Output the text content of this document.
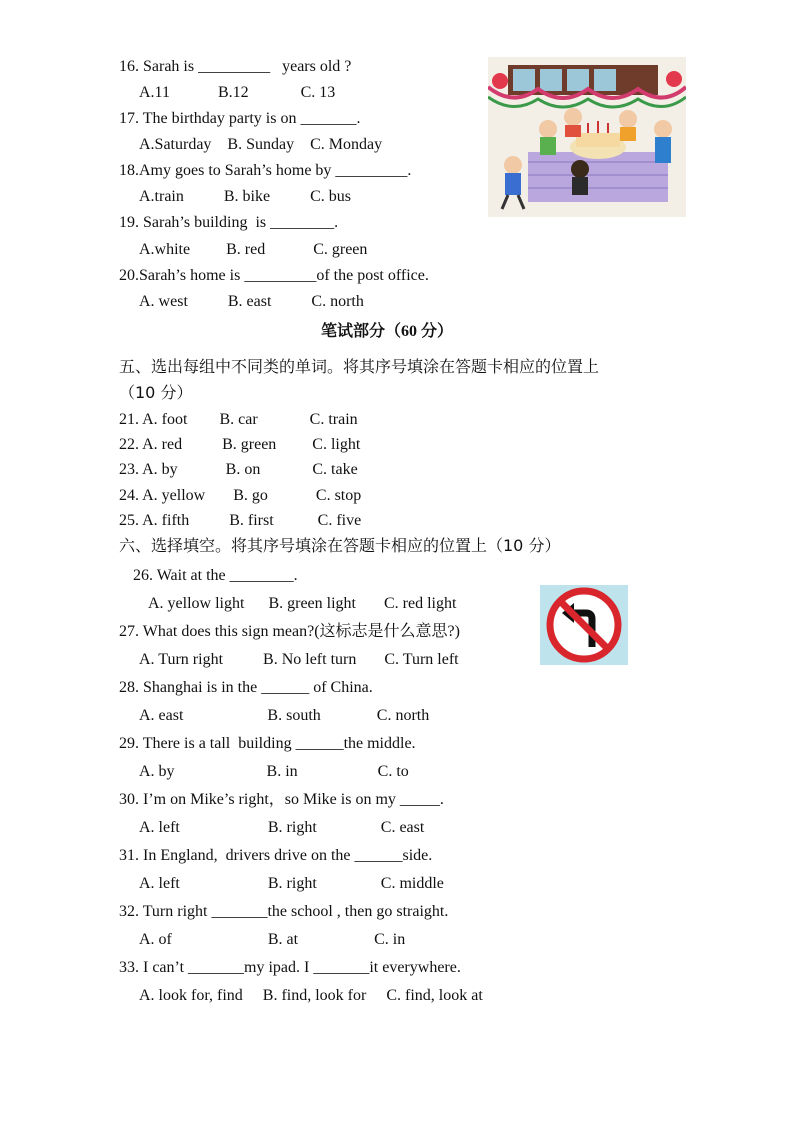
16. Sarah is _________   years old ?
A.11            B.12             C. 13
17. The birthday party is on _______.
A.Saturday    B. Sunday    C. Monday
18.Amy goes to Sarah’s home by _________.
A.train          B. bike          C. bus
19. Sarah’s building  is ________.
A.white         B. red            C. green
20.Sarah’s home is _________of the post office.
A. west          B. east          C. north
笔试部分（60 分）
五、选出每组中不同类的单词。将其序号填涂在答题卡相应的位置上
（10 分）
21. A. foot        B. car             C. train
22. A. red          B. green         C. light
23. A. by            B. on             C. take
24. A. yellow       B. go            C. stop
25. A. fifth          B. first           C. five
六、选择填空。将其序号填涂在答题卡相应的位置上（10 分）
26. Wait at the ________.
A. yellow light      B. green light       C. red light
27. What does this sign mean?(这标志是什么意思?)
A. Turn right          B. No left turn       C. Turn left
28. Shanghai is in the ______ of China.
A. east                     B. south              C. north
29. There is a tall  building ______the middle.
A. by                       B. in                    C. to
30. I’m on Mike’s right，so Mike is on my _____.
A. left                      B. right                C. east
31. In England,  drivers drive on the ______side.
A. left                      B. right                C. middle
32. Turn right _______the school , then go straight.
A. of                        B. at                   C. in
33. I can’t _______my ipad. I _______it everywhere.
A. look for, find     B. find, look for     C. find, look at
